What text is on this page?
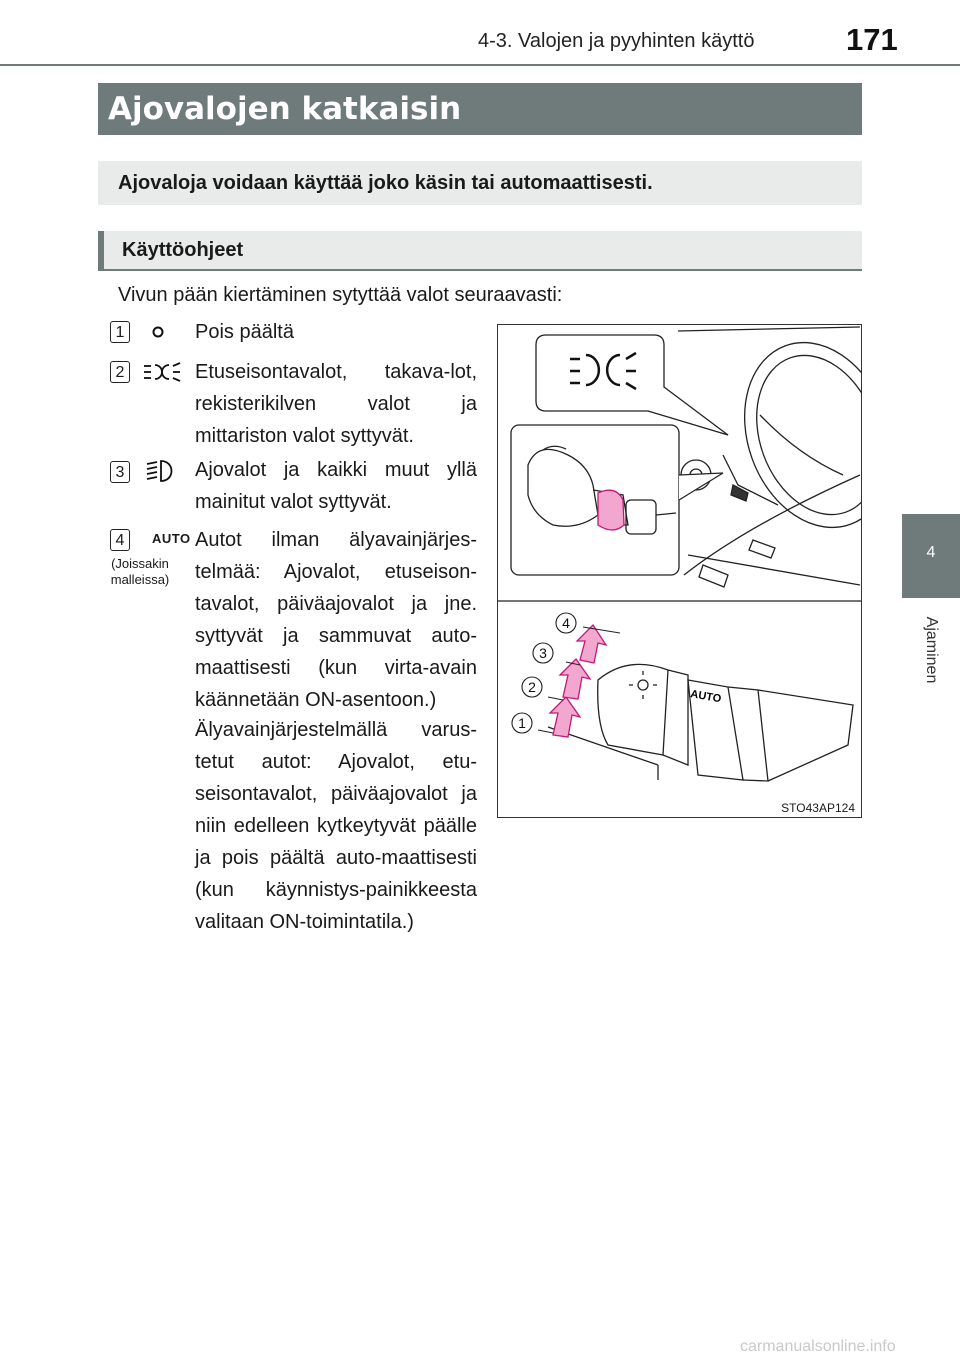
4-3. Valojen ja pyyhinten käyttö	171
4
Ajaminen
Ajovalojen katkaisin
Ajovaloja voidaan käyttää joko käsin tai automaattisesti.
Käyttöohjeet
Vivun pään kiertäminen sytyttää valot seuraavasti:
1	Pois päältä
2	Etuseisontavalot, takava-lot, rekisterikilven valot ja mittariston valot syttyvät.
3	Ajovalot ja kaikki muut yllä mainitut valot syttyvät.
4	AUTO
(Joissakin malleissa)
Autot ilman älyavainjärjes-telmää: Ajovalot, etuseison-tavalot, päiväajovalot ja jne. syttyvät ja sammuvat auto-maattisesti (kun virta-avain käännetään ON-asentoon.)
Älyavainjärjestelmällä varus-tetut autot: Ajovalot, etu-seisontavalot, päiväajovalot ja niin edelleen kytkeytyvät päälle ja pois päältä auto-maattisesti (kun käynnistys-painikkeesta valitaan ON-toimintatila.)
AUTO
1
2
3
4
STO43AP124
carmanualsonline.info
